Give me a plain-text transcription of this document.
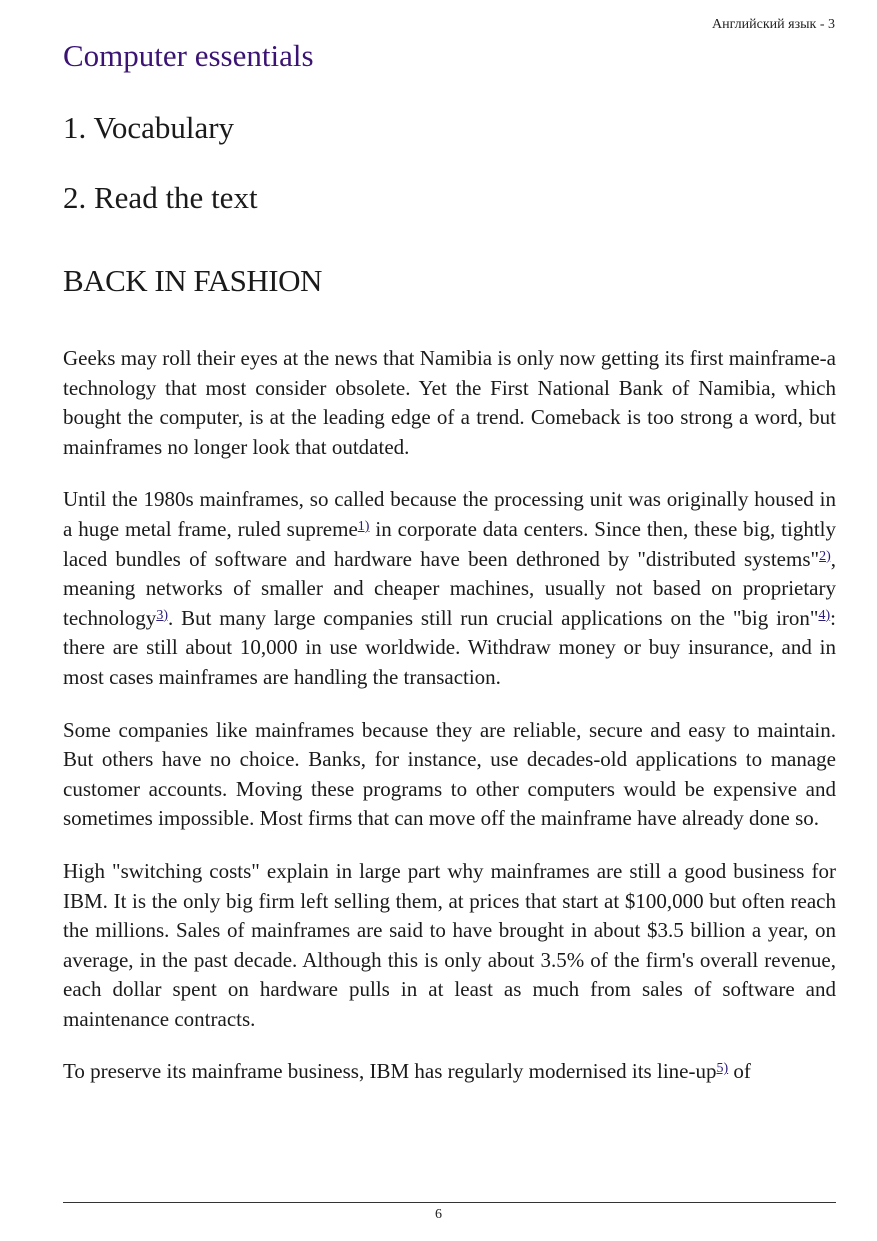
Английский язык - 3
Computer essentials
1. Vocabulary
2. Read the text
BACK IN FASHION

Geeks may roll their eyes at the news that Namibia is only now getting its first mainframe-a technology that most consider obsolete. Yet the First National Bank of Namibia, which bought the computer, is at the leading edge of a trend. Comeback is too strong a word, but mainframes no longer look that outdated.

Until the 1980s mainframes, so called because the processing unit was originally housed in a huge metal frame, ruled supreme$^{1)}$ in corporate data centers. Since then, these big, tightly laced bundles of software and hardware have been dethroned by "distributed systems"$^{2)}$, meaning networks of smaller and cheaper machines, usually not based on proprietary technology$^{3)}$. But many large companies still run crucial applications on the "big iron"$^{4)}$: there are still about 10,000 in use worldwide. Withdraw money or buy insurance, and in most cases mainframes are handling the transaction.

Some companies like mainframes because they are reliable, secure and easy to maintain. But others have no choice. Banks, for instance, use decades-old applications to manage customer accounts. Moving these programs to other computers would be expensive and sometimes impossible. Most firms that can move off the mainframe have already done so.

High "switching costs" explain in large part why mainframes are still a good business for IBM. It is the only big firm left selling them, at prices that start at $100,000 but often reach the millions. Sales of mainframes are said to have brought in about $3.5 billion a year, on average, in the past decade. Although this is only about 3.5% of the firm's overall revenue, each dollar spent on hardware pulls in at least as much from sales of software and maintenance contracts.

To preserve its mainframe business, IBM has regularly modernised its line-up$^{5)}$ of

6
